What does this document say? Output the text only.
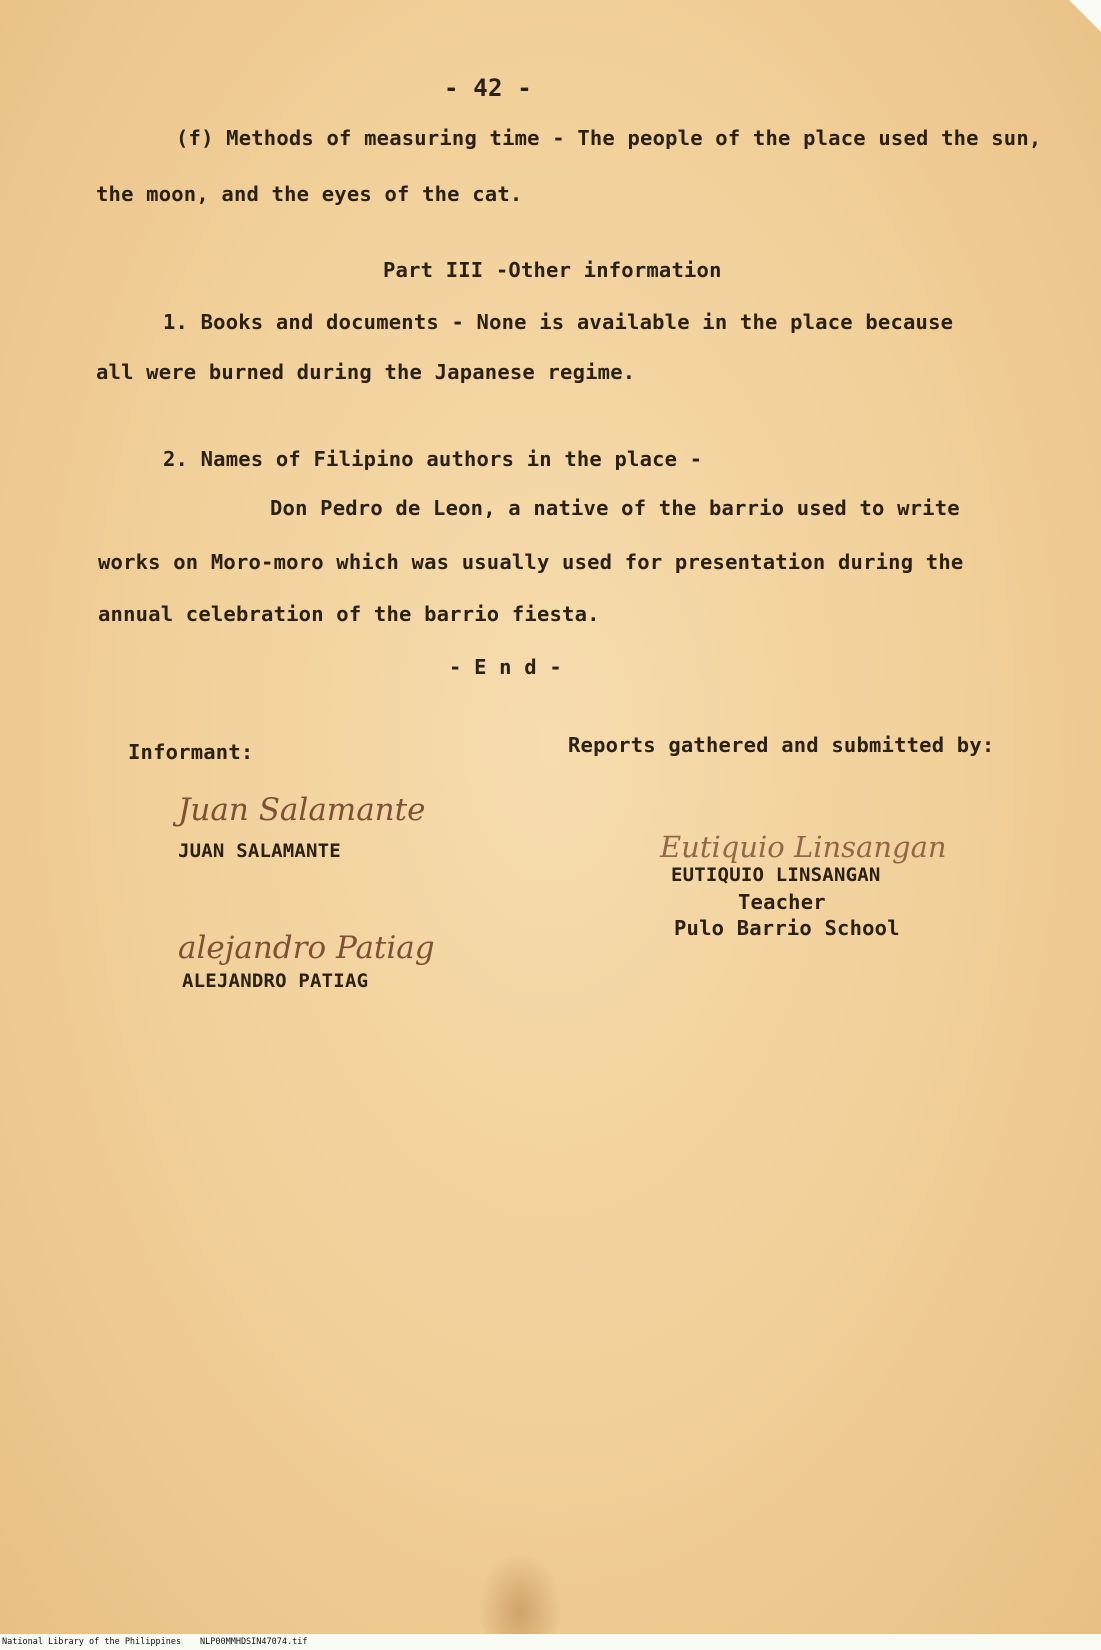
- 42 -
(f) Methods of measuring time - The people of the place used the sun,
the moon, and the eyes of the cat.
Part III -Other information
1. Books and documents - None is available in the place because
all were burned during the Japanese regime.
2. Names of Filipino authors in the place -
Don Pedro de Leon, a native of the barrio used to write
works on Moro-moro which was usually used for presentation during the
annual celebration of the barrio fiesta.
- E n d -
Informant:	Reports gathered and submitted by:
Juan Salamante
JUAN SALAMANTE
alejandro Patiag
ALEJANDRO PATIAG
Eutiquio Linsangan
EUTIQUIO LINSANGAN
Teacher
Pulo Barrio School
National Library of the Philippines NLP00MMHDSIN47074.tif
